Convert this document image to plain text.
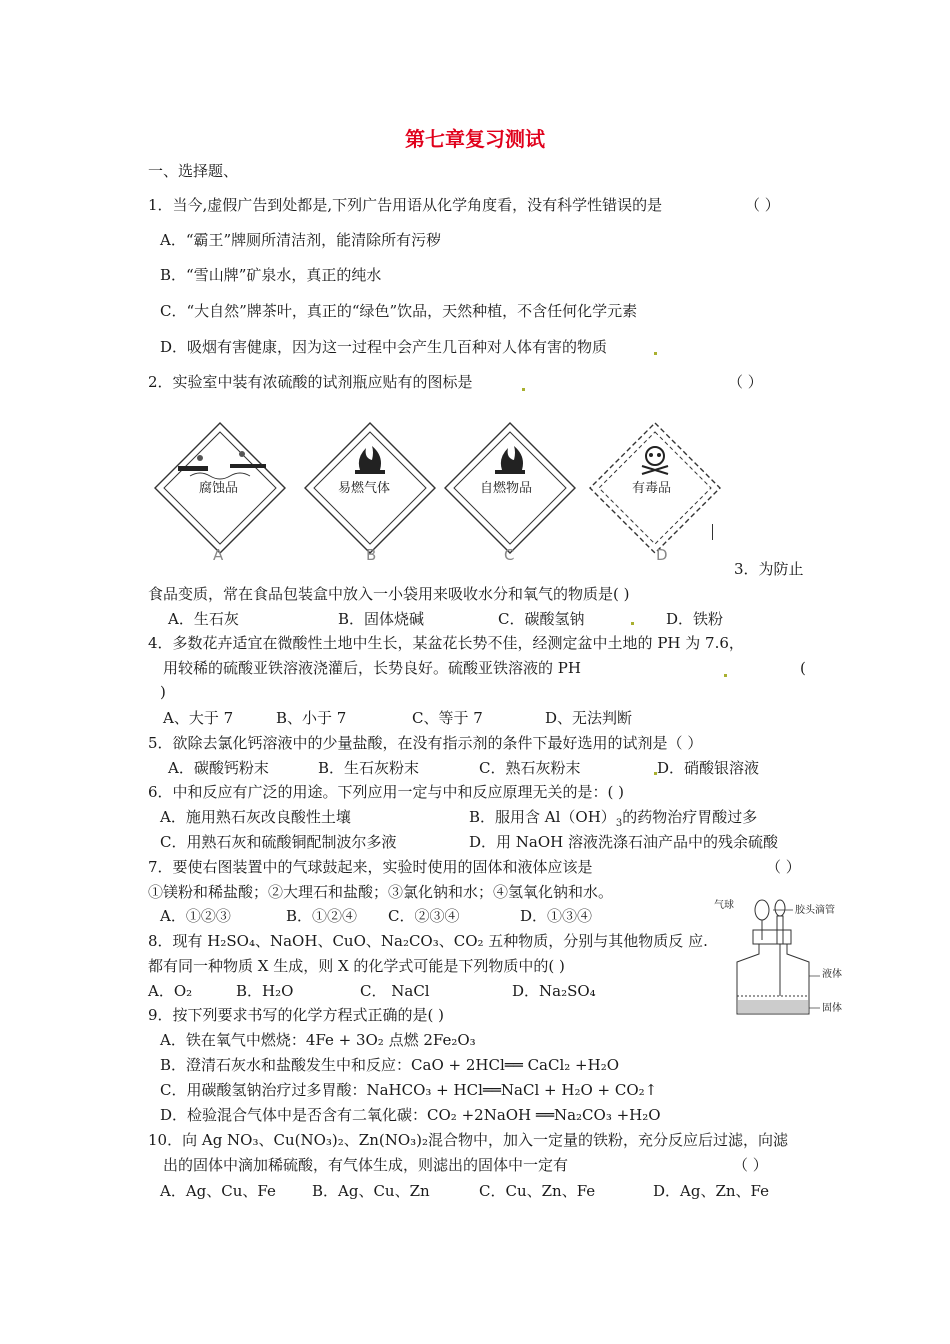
第七章复习测试
一、选择题、
1．当今,虚假广告到处都是,下列广告用语从化学角度看，没有科学性错误的是	（ ）
A．“霸王”牌厕所清洁剂，能清除所有污秽
B．“雪山牌”矿泉水，真正的纯水
C．“大自然”牌茶叶，真正的“绿色”饮品，天然种植，不含任何化学元素
D．吸烟有害健康，因为这一过程中会产生几百种对人体有害的物质
2．实验室中装有浓硫酸的试剂瓶应贴有的图标是	（ ）
腐蚀品	易燃气体	自燃物品	有毒品
A	B	C	D
3．为防止
食品变质，常在食品包装盒中放入一小袋用来吸收水分和氧气的物质是( )
A．生石灰	B．固体烧碱	C．碳酸氢钠	D．铁粉
4．多数花卉适宜在微酸性土地中生长，某盆花长势不佳，经测定盆中土地的 PH 为 7.6，
用较稀的硫酸亚铁溶液浇灌后，长势良好。硫酸亚铁溶液的 PH	(
)
A、大于 7	B、小于 7	C、等于 7	D、无法判断
5．欲除去氯化钙溶液中的少量盐酸，在没有指示剂的条件下最好选用的试剂是（ ）
A．碳酸钙粉末	B．生石灰粉末	C．熟石灰粉末	D．硝酸银溶液
6．中和反应有广泛的用途。下列应用一定与中和反应原理无关的是：( )
A．施用熟石灰改良酸性土壤	B．服用含 $Al(OH)_3$的药物治疗胃酸过多
C．用熟石灰和硫酸铜配制波尔多液	D．用 NaOH 溶液洗涤石油产品中的残余硫酸
7．要使右图装置中的气球鼓起来，实验时使用的固体和液体应该是	（ ）
①镁粉和稀盐酸；②大理石和盐酸；③氯化钠和水；④氢氧化钠和水。
A．①②③	B．①②④ C．②③④	D．①③④
气球	胶头滴管
液体
固体
8．现有 H₂SO₄、NaOH、CuO、Na₂CO₃、CO₂ 五种物质，分别与其他物质反 应.
都有同一种物质 X 生成，则 X 的化学式可能是下列物质中的( )
A．O₂	B．H₂O	C． NaCl	D．Na₂SO₄
9．按下列要求书写的化学方程式正确的是( )
A．铁在氧气中燃烧：4Fe + 3O₂ 点燃 2Fe₂O₃
B．澄清石灰水和盐酸发生中和反应：CaO + 2HCl══ CaCl₂ +H₂O
C．用碳酸氢钠治疗过多胃酸：NaHCO₃ + HCl══NaCl + H₂O + CO₂↑
D．检验混合气体中是否含有二氧化碳：CO₂ +2NaOH ══Na₂CO₃ +H₂O
10．向 Ag NO₃、Cu(NO₃)₂、Zn(NO₃)₂混合物中，加入一定量的铁粉，充分反应后过滤，向滤
出的固体中滴加稀硫酸，有气体生成，则滤出的固体中一定有	（ ）
A．Ag、Cu、Fe B．Ag、Cu、Zn	C．Cu、Zn、Fe	D．Ag、Zn、Fe
